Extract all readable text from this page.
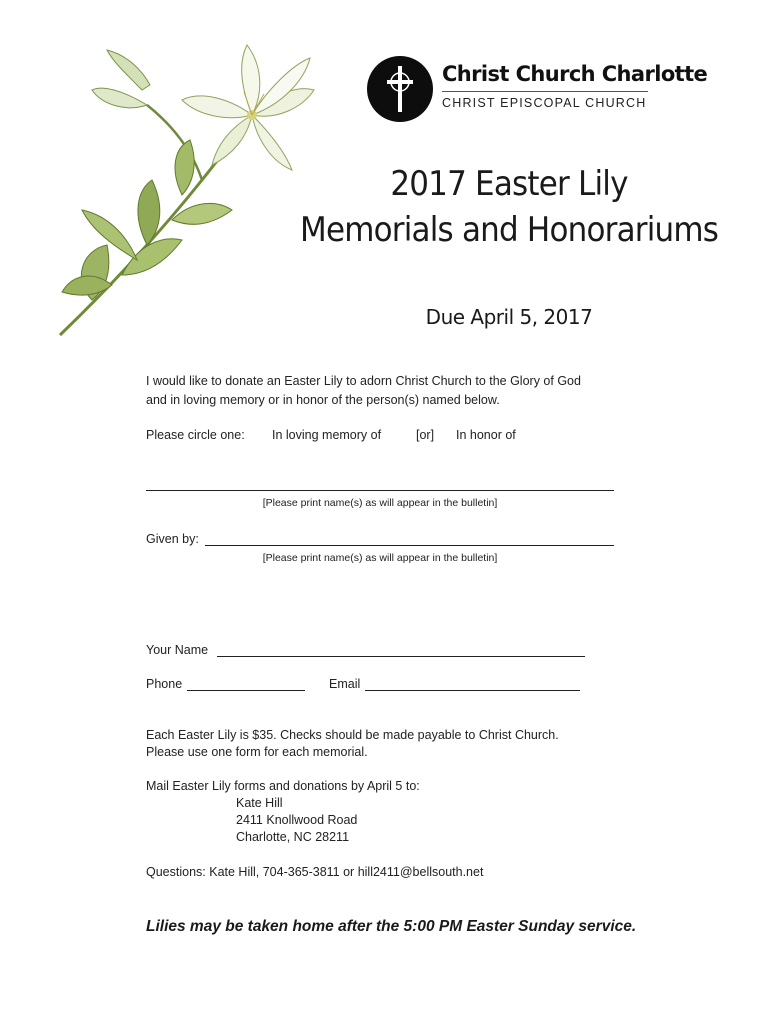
Christ Church Charlotte
CHRIST EPISCOPAL CHURCH
2017 Easter Lily
Memorials and Honorariums
Due April 5, 2017
I would like to donate an Easter Lily to adorn Christ Church to the Glory of God
and in loving memory or in honor of the person(s) named below.
Please circle one: In loving memory of	[or] In honor of
[Please print name(s) as will appear in the bulletin]
Given by:
[Please print name(s) as will appear in the bulletin]
Your Name
Phone	Email
Each Easter Lily is $35. Checks should be made payable to Christ Church.
Please use one form for each memorial.
Mail Easter Lily forms and donations by April 5 to:
Kate Hill
2411 Knollwood Road
Charlotte, NC 28211
Questions: Kate Hill, 704-365-3811 or hill2411@bellsouth.net
Lilies may be taken home after the 5:00 PM Easter Sunday service.
